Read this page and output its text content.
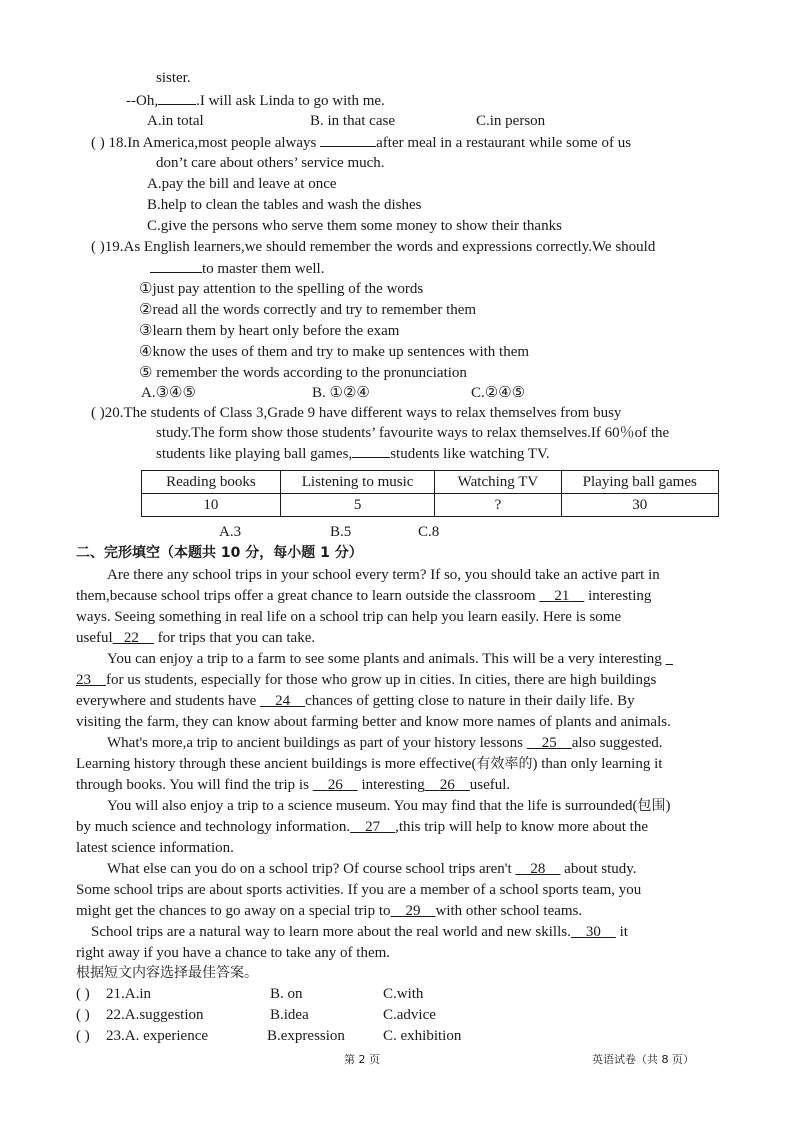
sister.
--Oh,	.I will ask Linda to go with me.
A.in total	B. in that case	C.in person
( ) 18.In America,most people always	after meal in a restaurant while some of us
don’t care about others’ service much.
A.pay the bill and leave at once
B.help to clean the tables and wash the dishes
C.give the persons who serve them some money to show their thanks
( )19.As English learners,we should remember the words and expressions correctly.We should
to master them well.
①just pay attention to the spelling of the words
②read all the words correctly and try to remember them
③learn them by heart only before the exam
④know the uses of them and try to make up sentences with them
⑤ remember the words according to the pronunciation
A.③④⑤	B. ①②④	C.②④⑤
( )20.The students of Class 3,Grade 9 have different ways to relax themselves from busy
study.The form show those students’ favourite ways to relax themselves.If 60％of the
students like playing ball games,	students like watching TV.
Reading books	Listening to music	Watching TV	Playing ball games
10	5	?	30
A.3	B.5	C.8
二、完形填空（本题共 10 分，每小题 1 分）
Are there any school trips in your school every term? If so, you should take an active part in
them,because school trips offer a great chance to learn outside the classroom 21 interesting
ways. Seeing something in real life on a school trip can help you learn easily. Here is some
useful 22 for trips that you can take.
You can enjoy a trip to a farm to see some plants and animals. This will be a very interesting
23 for us students, especially for those who grow up in cities. In cities, there are high buildings
everywhere and students have 24 chances of getting close to nature in their daily life. By
visiting the farm, they can know about farming better and know more names of plants and animals.
What's more,a trip to ancient buildings as part of your history lessons 25 also suggested.
Learning history through these ancient buildings is more effective(有效率的) than only learning it
through books. You will find the trip is 26 interesting 26 useful.
You will also enjoy a trip to a science museum. You may find that the life is surrounded(包围)
by much science and technology information. 27 ,this trip will help to know more about the
latest science information.
What else can you do on a school trip? Of course school trips aren't 28 about study.
Some school trips are about sports activities. If you are a member of a school sports team, you
might get the chances to go away on a special trip to 29 with other school teams.
School trips are a natural way to learn more about the real world and new skills. 30 it
right away if you have a chance to take any of them.
根据短文内容选择最佳答案。
( ) 21.A.in	B. on	C.with
( ) 22.A.suggestion	B.idea	C.advice
( ) 23.A. experience	B.expression	C. exhibition
第 2 页	英语试卷（共 8 页）
